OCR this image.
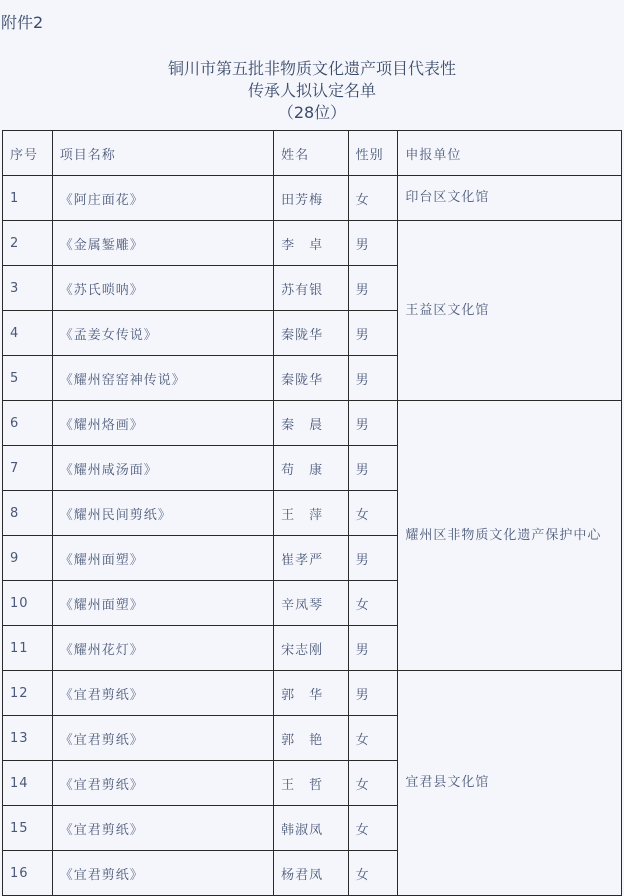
附件2
铜川市第五批非物质文化遗产项目代表性
传承人拟认定名单
（28位）
序号	项目名称	姓名	性别	申报单位
1	《阿庄面花》	田芳梅	女	印台区文化馆
2	《金属錾雕》	李　卓	男	王益区文化馆
3	《苏氏唢呐》	苏有银	男	
4	《孟姜女传说》	秦陇华	男	
5	《耀州窑窑神传说》	秦陇华	男	
6	《耀州烙画》	秦　晨	男	耀州区非物质文化遗产保护中心
7	《耀州咸汤面》	苟　康	男	
8	《耀州民间剪纸》	王　萍	女	
9	《耀州面塑》	崔孝严	男	
10	《耀州面塑》	辛凤琴	女	
11	《耀州花灯》	宋志刚	男	
12	《宜君剪纸》	郭　华	男	宜君县文化馆
13	《宜君剪纸》	郭　艳	女	
14	《宜君剪纸》	王　哲	女	
15	《宜君剪纸》	韩淑凤	女	
16	《宜君剪纸》	杨君凤	女	
